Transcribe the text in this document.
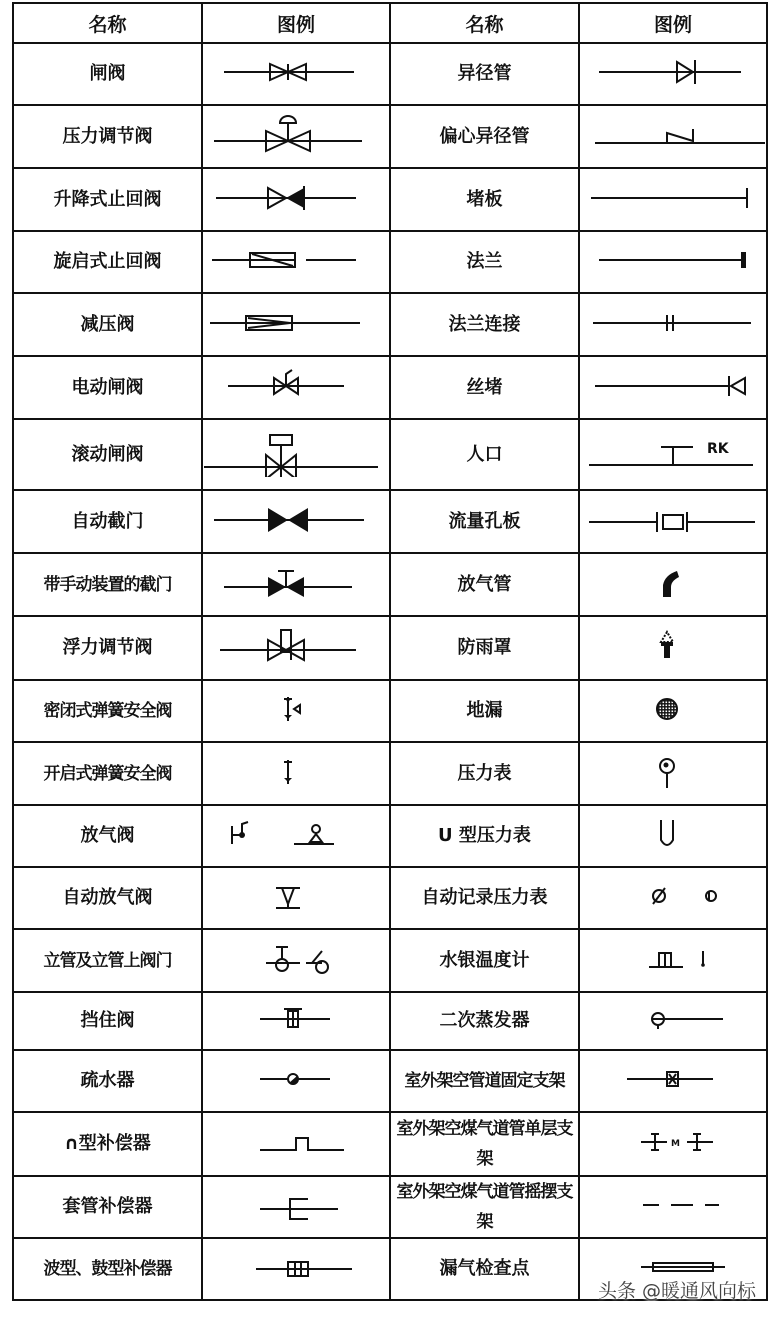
名称	图例	名称	图例
闸阀		异径管	

压力调节阀		偏心异径管	

升降式止回阀		堵板	

旋启式止回阀		法兰	

减压阀		法兰连接	

电动闸阀		丝堵	

滚动闸阀		人口	RK

自动截门		流量孔板	

带手动装置的截门		放气管	

浮力调节阀		防雨罩	

密闭式弹簧安全阀		地漏	

开启式弹簧安全阀		压力表	

放气阀		U 型压力表	

自动放气阀		自动记录压力表	

立管及立管上阀门		水银温度计	

挡住阀		二次蒸发器	

疏水器		室外架空管道固定支架	

∩型补偿器		室外架空煤气道管单层支架	M

套管补偿器		室外架空煤气道管摇摆支架	

波型、鼓型补偿器		漏气检查点	
头条 @暖通风向标
